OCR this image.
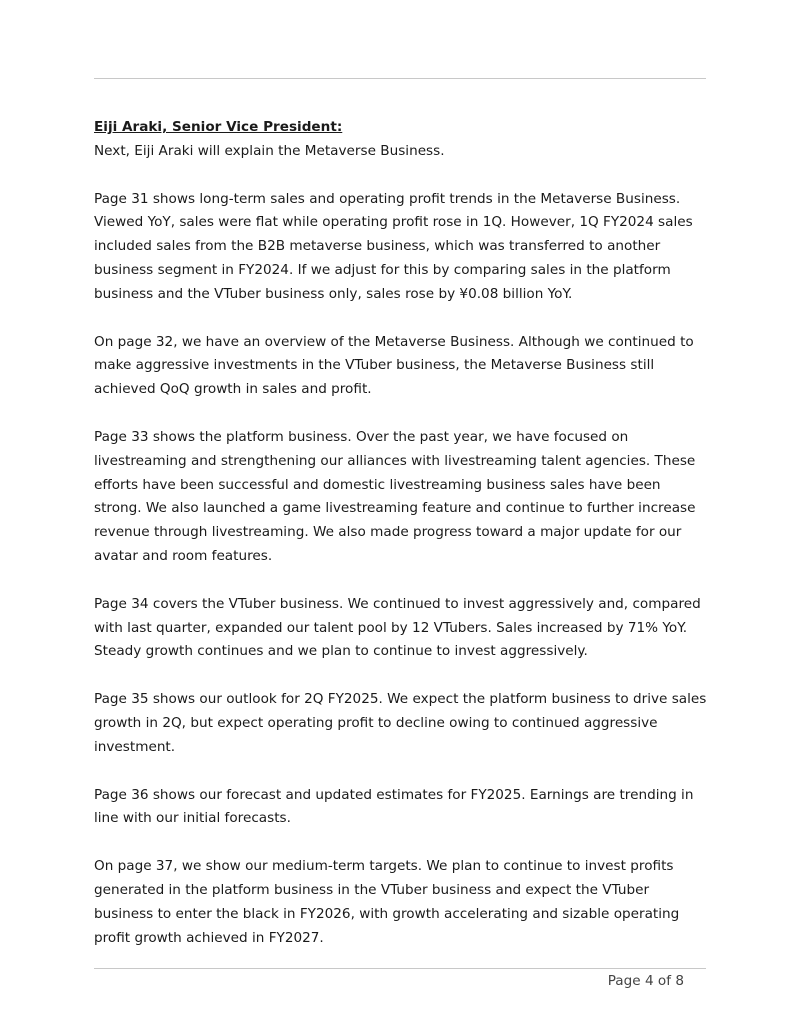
Eiji Araki, Senior Vice President:

Next, Eiji Araki will explain the Metaverse Business.

Page 31 shows long-term sales and operating profit trends in the Metaverse Business. Viewed YoY, sales were flat while operating profit rose in 1Q. However, 1Q FY2024 sales included sales from the B2B metaverse business, which was transferred to another business segment in FY2024. If we adjust for this by comparing sales in the platform business and the VTuber business only, sales rose by ¥0.08 billion YoY.

On page 32, we have an overview of the Metaverse Business. Although we continued to make aggressive investments in the VTuber business, the Metaverse Business still achieved QoQ growth in sales and profit.

Page 33 shows the platform business. Over the past year, we have focused on livestreaming and strengthening our alliances with livestreaming talent agencies. These efforts have been successful and domestic livestreaming business sales have been strong. We also launched a game livestreaming feature and continue to further increase revenue through livestreaming. We also made progress toward a major update for our avatar and room features.

Page 34 covers the VTuber business. We continued to invest aggressively and, compared with last quarter, expanded our talent pool by 12 VTubers. Sales increased by 71% YoY. Steady growth continues and we plan to continue to invest aggressively.

Page 35 shows our outlook for 2Q FY2025. We expect the platform business to drive sales growth in 2Q, but expect operating profit to decline owing to continued aggressive investment.

Page 36 shows our forecast and updated estimates for FY2025. Earnings are trending in line with our initial forecasts.

On page 37, we show our medium-term targets. We plan to continue to invest profits generated in the platform business in the VTuber business and expect the VTuber business to enter the black in FY2026, with growth accelerating and sizable operating profit growth achieved in FY2027.

Page 4 of 8
